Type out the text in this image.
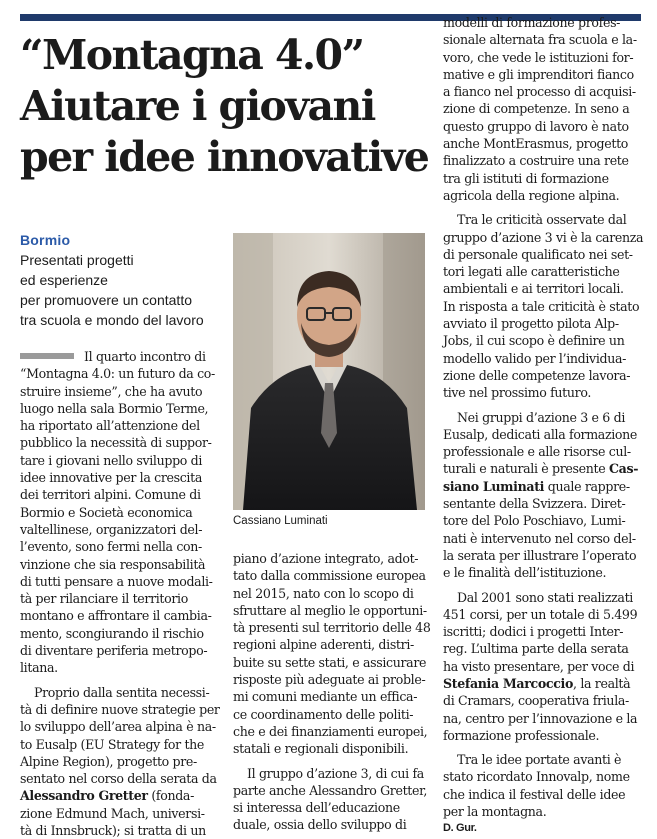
“Montagna 4.0”
Aiutare i giovani
per idee innovative
Bormio
Presentati progetti
ed esperienze
per promuovere un contatto
tra scuola e mondo del lavoro
Cassiano Luminati

Il quarto incontro di
“Montagna 4.0: un futuro da co-
struire insieme”, che ha avuto
luogo nella sala Bormio Terme,
ha riportato all’attenzione del
pubblico la necessità di suppor-
tare i giovani nello sviluppo di
idee innovative per la crescita
dei territori alpini. Comune di
Bormio e Società economica
valtellinese, organizzatori del-
l’evento, sono fermi nella con-
vinzione che sia responsabilità
di tutti pensare a nuove modali-
tà per rilanciare il territorio
montano e affrontare il cambia-
mento, scongiurando il rischio
di diventare periferia metropo-
litana.

Proprio dalla sentita necessi-
tà di definire nuove strategie per
lo sviluppo dell’area alpina è na-
to Eusalp (EU Strategy for the
Alpine Region), progetto pre-
sentato nel corso della serata da
Alessandro Gretter (fonda-
zione Edmund Mach, universi-
tà di Innsbruck); si tratta di un

piano d’azione integrato, adot-
tato dalla commissione europea
nel 2015, nato con lo scopo di
sfruttare al meglio le opportuni-
tà presenti sul territorio delle 48
regioni alpine aderenti, distri-
buite su sette stati, e assicurare
risposte più adeguate ai proble-
mi comuni mediante un effica-
ce coordinamento delle politi-
che e dei finanziamenti europei,
statali e regionali disponibili.

Il gruppo d’azione 3, di cui fa
parte anche Alessandro Gretter,
si interessa dell’educazione
duale, ossia dello sviluppo di

modelli di formazione profes-
sionale alternata fra scuola e la-
voro, che vede le istituzioni for-
mative e gli imprenditori fianco
a fianco nel processo di acquisi-
zione di competenze. In seno a
questo gruppo di lavoro è nato
anche MontErasmus, progetto
finalizzato a costruire una rete
tra gli istituti di formazione
agricola della regione alpina.

Tra le criticità osservate dal
gruppo d’azione 3 vi è la carenza
di personale qualificato nei set-
tori legati alle caratteristiche
ambientali e ai territori locali.
In risposta a tale criticità è stato
avviato il progetto pilota Alp-
Jobs, il cui scopo è definire un
modello valido per l’individua-
zione delle competenze lavora-
tive nel prossimo futuro.

Nei gruppi d’azione 3 e 6 di
Eusalp, dedicati alla formazione
professionale e alle risorse cul-
turali e naturali è presente Cas-
siano Luminati quale rappre-
sentante della Svizzera. Diret-
tore del Polo Poschiavo, Lumi-
nati è intervenuto nel corso del-
la serata per illustrare l’operato
e le finalità dell’istituzione.

Dal 2001 sono stati realizzati
451 corsi, per un totale di 5.499
iscritti; dodici i progetti Inter-
reg. L’ultima parte della serata
ha visto presentare, per voce di
Stefania Marcoccio, la realtà
di Cramars, cooperativa friula-
na, centro per l’innovazione e la
formazione professionale.

Tra le idee portate avanti è
stato ricordato Innovalp, nome
che indica il festival delle idee
per la montagna.
D. Gur.
